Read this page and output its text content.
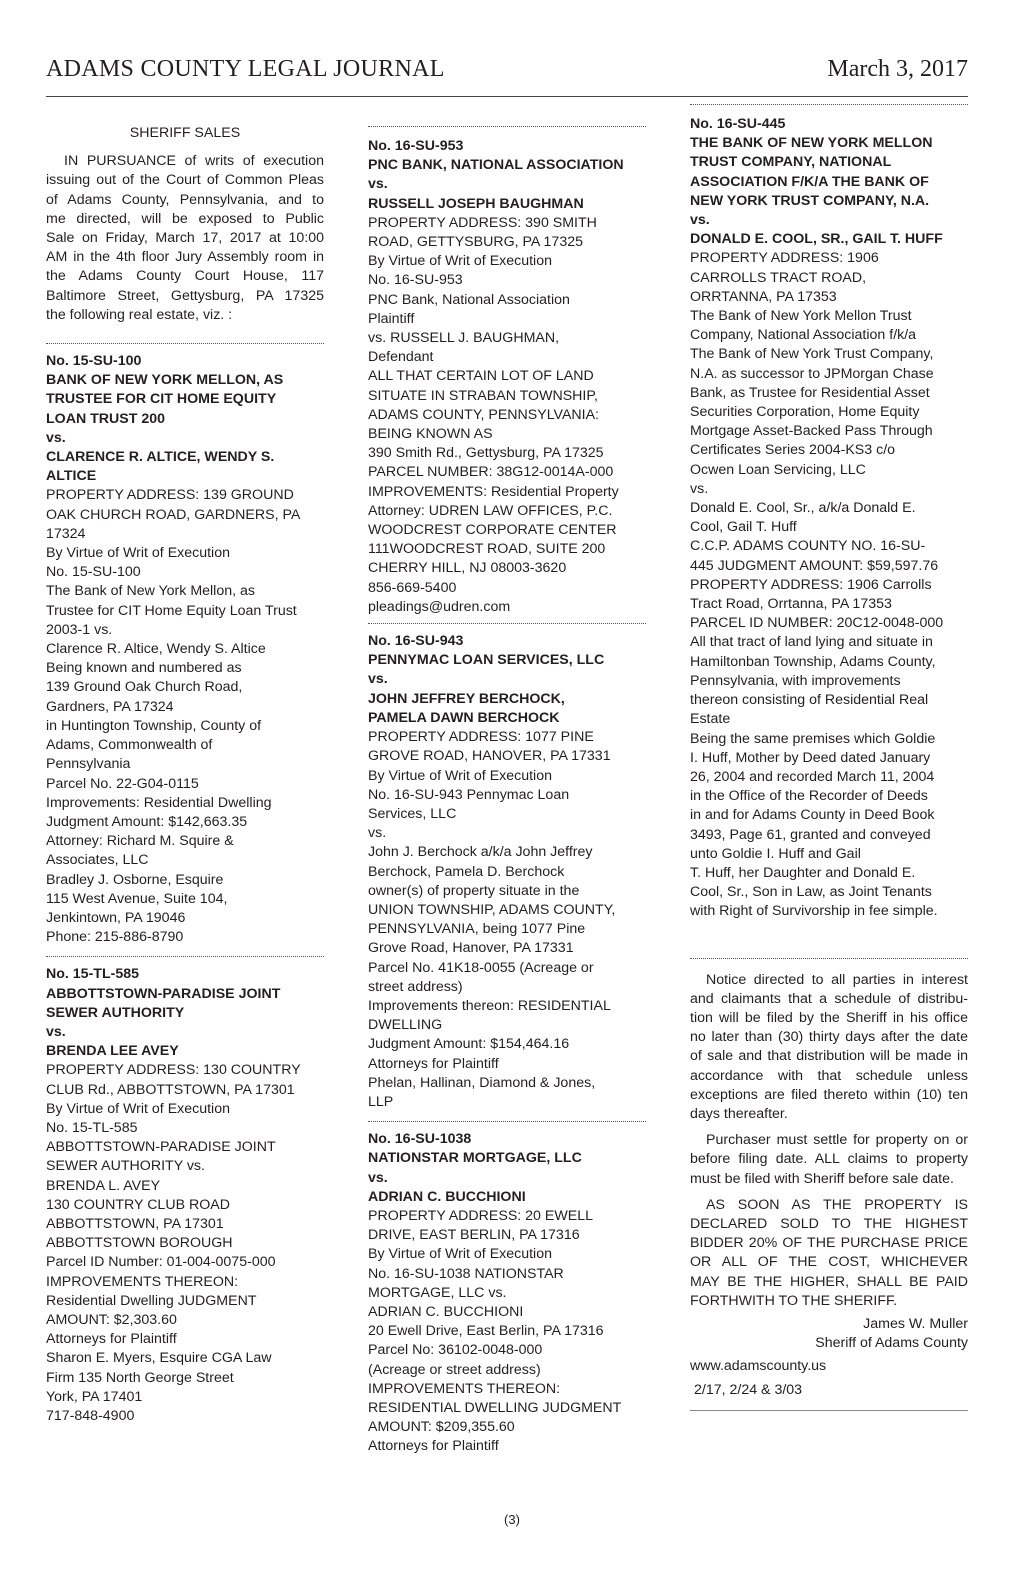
ADAMS COUNTY LEGAL JOURNAL	March 3, 2017
SHERIFF SALES
IN PURSUANCE of writs of execution
issuing out of the Court of Common Pleas
of Adams County, Pennsylvania, and to
me directed, will be exposed to Public
Sale on Friday, March 17, 2017 at 10:00
AM in the 4th floor Jury Assembly room in
the Adams County Court House, 117
Baltimore Street, Gettysburg, PA 17325
the following real estate, viz. :
No. 15-SU-100
BANK OF NEW YORK MELLON, AS
TRUSTEE FOR CIT HOME EQUITY
LOAN TRUST 200
vs.
CLARENCE R. ALTICE, WENDY S.
ALTICE
PROPERTY ADDRESS: 139 GROUND
OAK CHURCH ROAD, GARDNERS, PA
17324
By Virtue of Writ of Execution
No. 15-SU-100
The Bank of New York Mellon, as
Trustee for CIT Home Equity Loan Trust
2003-1 vs.
Clarence R. Altice, Wendy S. Altice
Being known and numbered as
139 Ground Oak Church Road,
Gardners, PA 17324
in Huntington Township, County of
Adams, Commonwealth of
Pennsylvania
Parcel No. 22-G04-0115
Improvements: Residential Dwelling
Judgment Amount: $142,663.35
Attorney: Richard M. Squire &
Associates, LLC
Bradley J. Osborne, Esquire
115 West Avenue, Suite 104,
Jenkintown, PA 19046
Phone: 215-886-8790
No. 15-TL-585
ABBOTTSTOWN-PARADISE JOINT
SEWER AUTHORITY
vs.
BRENDA LEE AVEY
PROPERTY ADDRESS: 130 COUNTRY
CLUB Rd., ABBOTTSTOWN, PA 17301
By Virtue of Writ of Execution
No. 15-TL-585
ABBOTTSTOWN-PARADISE JOINT
SEWER AUTHORITY vs.
BRENDA L. AVEY
130 COUNTRY CLUB ROAD
ABBOTTSTOWN, PA 17301
ABBOTTSTOWN BOROUGH
Parcel ID Number: 01-004-0075-000
IMPROVEMENTS THEREON:
Residential Dwelling JUDGMENT
AMOUNT: $2,303.60
Attorneys for Plaintiff
Sharon E. Myers, Esquire CGA Law
Firm 135 North George Street
York, PA 17401
717-848-4900
No. 16-SU-953
PNC BANK, NATIONAL ASSOCIATION
vs.
RUSSELL JOSEPH BAUGHMAN
PROPERTY ADDRESS: 390 SMITH
ROAD, GETTYSBURG, PA 17325
By Virtue of Writ of Execution
No. 16-SU-953
PNC Bank, National Association
Plaintiff
vs. RUSSELL J. BAUGHMAN,
Defendant
ALL THAT CERTAIN LOT OF LAND
SITUATE IN STRABAN TOWNSHIP,
ADAMS COUNTY, PENNSYLVANIA:
BEING KNOWN AS
390 Smith Rd., Gettysburg, PA 17325
PARCEL NUMBER: 38G12-0014A-000
IMPROVEMENTS: Residential Property
Attorney: UDREN LAW OFFICES, P.C.
WOODCREST CORPORATE CENTER
111WOODCREST ROAD, SUITE 200
CHERRY HILL, NJ 08003-3620
856-669-5400
pleadings@udren.com
No. 16-SU-943
PENNYMAC LOAN SERVICES, LLC
vs.
JOHN JEFFREY BERCHOCK,
PAMELA DAWN BERCHOCK
PROPERTY ADDRESS: 1077 PINE
GROVE ROAD, HANOVER, PA 17331
By Virtue of Writ of Execution
No. 16-SU-943 Pennymac Loan
Services, LLC
vs.
John J. Berchock a/k/a John Jeffrey
Berchock, Pamela D. Berchock
owner(s) of property situate in the
UNION TOWNSHIP, ADAMS COUNTY,
PENNSYLVANIA, being 1077 Pine
Grove Road, Hanover, PA 17331
Parcel No. 41K18-0055 (Acreage or
street address)
Improvements thereon: RESIDENTIAL
DWELLING
Judgment Amount: $154,464.16
Attorneys for Plaintiff
Phelan, Hallinan, Diamond & Jones,
LLP
No. 16-SU-1038
NATIONSTAR MORTGAGE, LLC
vs.
ADRIAN C. BUCCHIONI
PROPERTY ADDRESS: 20 EWELL
DRIVE, EAST BERLIN, PA 17316
By Virtue of Writ of Execution
No. 16-SU-1038 NATIONSTAR
MORTGAGE, LLC vs.
ADRIAN C. BUCCHIONI
20 Ewell Drive, East Berlin, PA 17316
Parcel No: 36102-0048-000
(Acreage or street address)
IMPROVEMENTS THEREON:
RESIDENTIAL DWELLING JUDGMENT
AMOUNT: $209,355.60
Attorneys for Plaintiff
No. 16-SU-445
THE BANK OF NEW YORK MELLON
TRUST COMPANY, NATIONAL
ASSOCIATION F/K/A THE BANK OF
NEW YORK TRUST COMPANY, N.A.
vs.
DONALD E. COOL, SR., GAIL T. HUFF
PROPERTY ADDRESS: 1906
CARROLLS TRACT ROAD,
ORRTANNA, PA 17353
The Bank of New York Mellon Trust
Company, National Association f/k/a
The Bank of New York Trust Company,
N.A. as successor to JPMorgan Chase
Bank, as Trustee for Residential Asset
Securities Corporation, Home Equity
Mortgage Asset-Backed Pass Through
Certificates Series 2004-KS3 c/o
Ocwen Loan Servicing, LLC
vs.
Donald E. Cool, Sr., a/k/a Donald E.
Cool, Gail T. Huff
C.C.P. ADAMS COUNTY NO. 16-SU-
445 JUDGMENT AMOUNT: $59,597.76
PROPERTY ADDRESS: 1906 Carrolls
Tract Road, Orrtanna, PA 17353
PARCEL ID NUMBER: 20C12-0048-000
All that tract of land lying and situate in
Hamiltonban Township, Adams County,
Pennsylvania, with improvements
thereon consisting of Residential Real
Estate
Being the same premises which Goldie
I. Huff, Mother by Deed dated January
26, 2004 and recorded March 11, 2004
in the Office of the Recorder of Deeds
in and for Adams County in Deed Book
3493, Page 61, granted and conveyed
unto Goldie I. Huff and Gail
T. Huff, her Daughter and Donald E.
Cool, Sr., Son in Law, as Joint Tenants
with Right of Survivorship in fee simple.
Notice directed to all parties in interest
and claimants that a schedule of distribu-
tion will be filed by the Sheriff in his office
no later than (30) thirty days after the date
of sale and that distribution will be made in
accordance with that schedule unless
exceptions are filed thereto within (10) ten
days thereafter.
Purchaser must settle for property on or
before filing date. ALL claims to property
must be filed with Sheriff before sale date.
AS SOON AS THE PROPERTY IS
DECLARED SOLD TO THE HIGHEST
BIDDER 20% OF THE PURCHASE PRICE
OR ALL OF THE COST, WHICHEVER
MAY BE THE HIGHER, SHALL BE PAID
FORTHWITH TO THE SHERIFF.
James W. Muller
Sheriff of Adams County
www.adamscounty.us
2/17, 2/24 & 3/03
(3)
